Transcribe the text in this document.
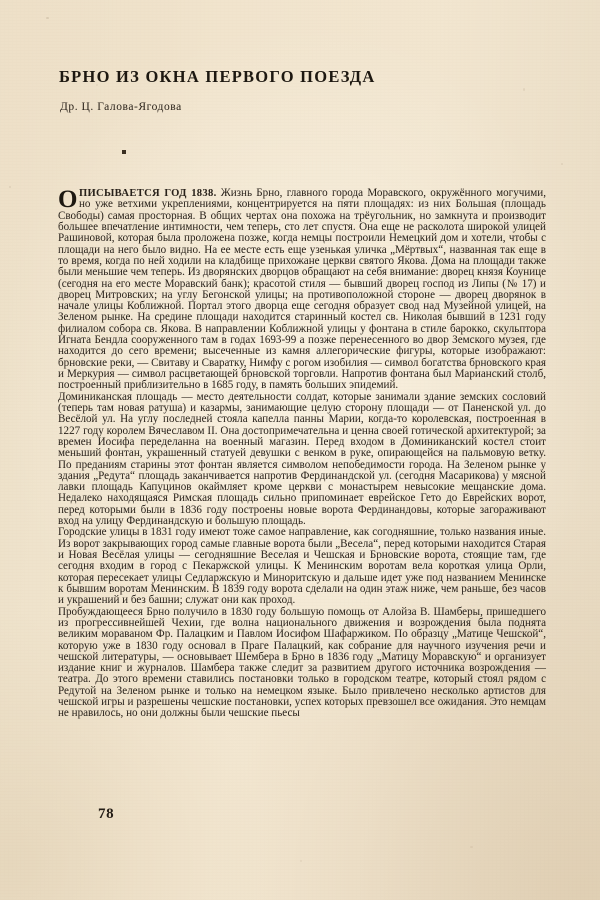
БРНО ИЗ ОКНА ПЕРВОГО ПОЕЗДА
Др. Ц. Галова-Ягодова

ОПИСЫВАЕТСЯ ГОД 1838. Жизнь Брно, главного города Моравского, окружённого могучими, но уже ветхими укреплениями, концентрируется на пяти площадях: из них Большая (площадь Свободы) самая просторная. В общих чертах она похожа на трёугольник, но замкнута и производит большее впечатление интимности, чем теперь, сто лет спустя. Она еще не расколота широкой улицей Рашиновой, которая была проложена позже, когда немцы построили Немецкий дом и хотели, чтобы с площади на него было видно. На ее месте есть еще узенькая уличка „Мёртвых“, названная так еще в то время, когда по ней ходили на кладбище прихожане церкви святого Якова. Дома на площади также были меньшие чем теперь. Из дворянских дворцов обращают на себя внимание: дворец князя Коунице (сегодня на его месте Моравский банк); красотой стиля — бывший дворец господ из Липы (№ 17) и дворец Митровских; на углу Бегонской улицы; на противоположной стороне — дворец дворянок в начале улицы Коближной. Портал этого дворца еще сегодня образует свод над Музейной улицей, на Зеленом рынке. На средине площади находится старинный костел св. Николая бывший в 1231 году филиалом собора св. Якова. В направлении Коближной улицы у фонтана в стиле барокко, скульптора Игната Бендла сооруженного там в годах 1693-99 а позже перенесенного во двор Земского музея, где находится до сего времени; высеченные из камня аллегорические фигуры, которые изображают: брновские реки, — Свитаву и Сваратку, Нимфу с рогом изобилия — символ богатства брновского края и Меркурия — символ расцветающей брновской торговли. Напротив фонтана был Марианский столб, построенный приблизительно в 1685 году, в память больших эпидемий.

Доминиканская площадь — место деятельности солдат, которые занимали здание земских сословий (теперь там новая ратуша) и казармы, занимающие целую сторону площади — от Паненской ул. до Весёлой ул. На углу последней стояла капелла панны Марии, когда-то королевская, построенная в 1227 году королем Вячеславом II. Она достопримечательна и ценна своей готической архитектурой; за времен Иосифа переделанна на военный магазин. Перед входом в Доминиканский костел стоит меньший фонтан, украшенный статуей девушки с венком в руке, опирающейся на пальмовую ветку. По преданиям старины этот фонтан является символом непобедимости города. На Зеленом рынке у здания „Редута“ площадь заканчивается напротив Фердинандской ул. (сегодня Масарикова) у мясной лавки площадь Капуцинов окаймляет кроме церкви с монастырем невысокие мещанские дома. Недалеко находящаяся Римская площадь сильно припоминает еврейское Гето до Еврейских ворот, перед которыми были в 1836 году построены новые ворота Фердинандовы, которые загораживают вход на улицу Фердинандскую и большую площадь.

Городские улицы в 1831 году имеют тоже самое направление, как согодняшние, только названия иные. Из ворот закрывающих город самые главные ворота были „Весела“, перед которыми находится Старая и Новая Весёлая улицы — сегодняшние Веселая и Чешская и Брновские ворота, стоящие там, где сегодня входим в город с Пекаржской улицы. К Менинским воротам вела короткая улица Орли, которая пересекает улицы Седларжскую и Миноритскую и дальше идет уже под названием Менинске к бывшим воротам Менинским. В 1839 году ворота сделали на один этаж ниже, чем раньше, без часов и украшений и без башни; служат они как проход.

Пробуждающееся Брно получило в 1830 году большую помощь от Алойза В. Шамберы, пришедшего из прогрессивнейшей Чехии, где волна национального движения и возрождения была поднята великим мораваном Фр. Палацким и Павлом Иосифом Шафаржиком. По образцу „Матице Чешской“, которую уже в 1830 году основал в Праге Палацкий, как собрание для научного изучения речи и чешской литературы, — основывает Шембера в Брно в 1836 году „Матицу Моравскую“ и организует издание книг и журналов. Шамбера также следит за развитием другого источника возрождения — театра. До этого времени ставились постановки только в городском театре, который стоял рядом с Редутой на Зеленом рынке и только на немецком языке. Было привлечено несколько артистов для чешской игры и разрешены чешские постановки, успех которых превзошел все ожидания. Это немцам не нравилось, но они должны были чешские пьесы

78
